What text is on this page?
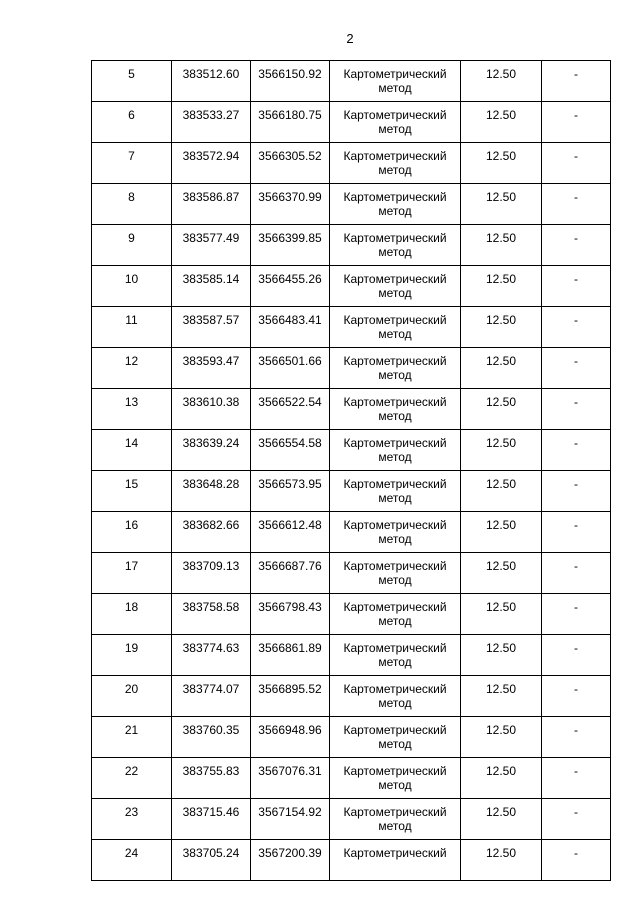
2
5	383512.60	3566150.92	Картометрический метод	12.50	-

6	383533.27	3566180.75	Картометрический метод	12.50	-

7	383572.94	3566305.52	Картометрический метод	12.50	-

8	383586.87	3566370.99	Картометрический метод	12.50	-

9	383577.49	3566399.85	Картометрический метод	12.50	-

10	383585.14	3566455.26	Картометрический метод	12.50	-

11	383587.57	3566483.41	Картометрический метод	12.50	-

12	383593.47	3566501.66	Картометрический метод	12.50	-

13	383610.38	3566522.54	Картометрический метод	12.50	-

14	383639.24	3566554.58	Картометрический метод	12.50	-

15	383648.28	3566573.95	Картометрический метод	12.50	-

16	383682.66	3566612.48	Картометрический метод	12.50	-

17	383709.13	3566687.76	Картометрический метод	12.50	-

18	383758.58	3566798.43	Картометрический метод	12.50	-

19	383774.63	3566861.89	Картометрический метод	12.50	-

20	383774.07	3566895.52	Картометрический метод	12.50	-

21	383760.35	3566948.96	Картометрический метод	12.50	-

22	383755.83	3567076.31	Картометрический метод	12.50	-

23	383715.46	3567154.92	Картометрический метод	12.50	-

24	383705.24	3567200.39	Картометрический	12.50	-
